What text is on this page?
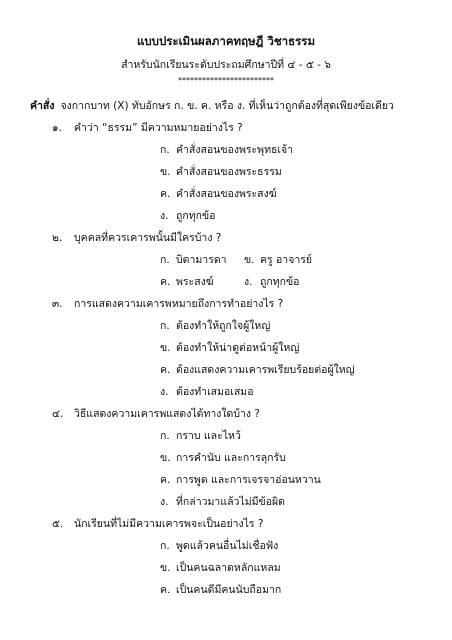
แบบประเมินผลภาคทฤษฎี วิชาธรรม
สำหรับนักเรียนระดับประถมศึกษาปีที่ ๔ - ๕ - ๖
************************
คำสั่ง จงกากบาท (X) ทับอักษร ก. ข. ค. หรือ ง. ที่เห็นว่าถูกต้องที่สุดเพียงข้อเดียว
๑. คำว่า “ธรรม” มีความหมายอย่างไร ?
ก. คำสั่งสอนของพระพุทธเจ้า
ข. คำสั่งสอนของพระธรรม
ค. คำสั่งสอนของพระสงฆ์
ง. ถูกทุกข้อ
๒. บุคคลที่ควรเคารพนั้นมีใครบ้าง ?
ก. บิดามารดา ข. ครู อาจารย์
ค. พระสงฆ์	ง. ถูกทุกข้อ
๓. การแสดงความเคารพหมายถึงการทำอย่างไร ?
ก. ต้องทำให้ถูกใจผู้ใหญ่
ข. ต้องทำให้น่าดูต่อหน้าผู้ใหญ่
ค. ต้องแสดงความเคารพเรียบร้อยต่อผู้ใหญ่
ง. ต้องทำเสมอเสมอ
๔. วิธีแสดงความเคารพแสดงได้ทางใดบ้าง ?
ก. กราบ และไหว้
ข. การคำนับ และการลุกรับ
ค. การพูด และการเจรจาอ่อนหวาน
ง. ที่กล่าวมาแล้วไม่มีข้อผิด
๕. นักเรียนที่ไม่มีความเคารพจะเป็นอย่างไร ?
ก. พูดแล้วคนอื่นไม่เชื่อฟัง
ข. เป็นคนฉลาดหลักแหลม
ค. เป็นคนดีมีคนนับถือมาก
